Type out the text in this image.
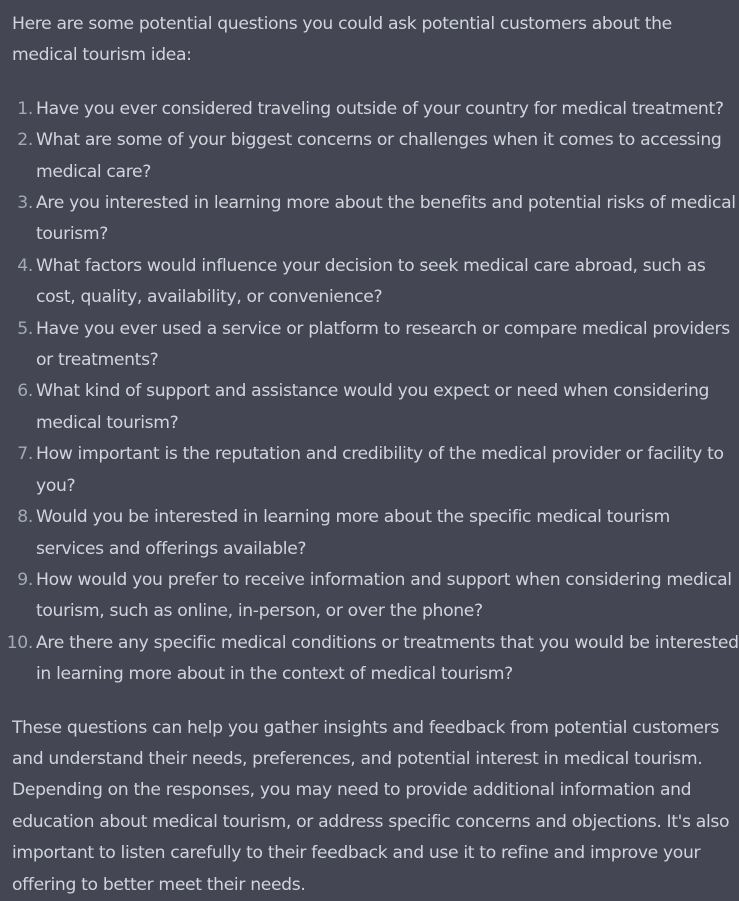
Here are some potential questions you could ask potential customers about the medical tourism idea:

1. Have you ever considered traveling outside of your country for medical treatment?
2. What are some of your biggest concerns or challenges when it comes to accessing medical care?
3. Are you interested in learning more about the benefits and potential risks of medical tourism?
4. What factors would influence your decision to seek medical care abroad, such as cost, quality, availability, or convenience?
5. Have you ever used a service or platform to research or compare medical providers or treatments?
6. What kind of support and assistance would you expect or need when considering medical tourism?
7. How important is the reputation and credibility of the medical provider or facility to you?
8. Would you be interested in learning more about the specific medical tourism services and offerings available?
9. How would you prefer to receive information and support when considering medical tourism, such as online, in-person, or over the phone?
10. Are there any specific medical conditions or treatments that you would be interested in learning more about in the context of medical tourism?

These questions can help you gather insights and feedback from potential customers and understand their needs, preferences, and potential interest in medical tourism. Depending on the responses, you may need to provide additional information and education about medical tourism, or address specific concerns and objections. It's also important to listen carefully to their feedback and use it to refine and improve your offering to better meet their needs.
